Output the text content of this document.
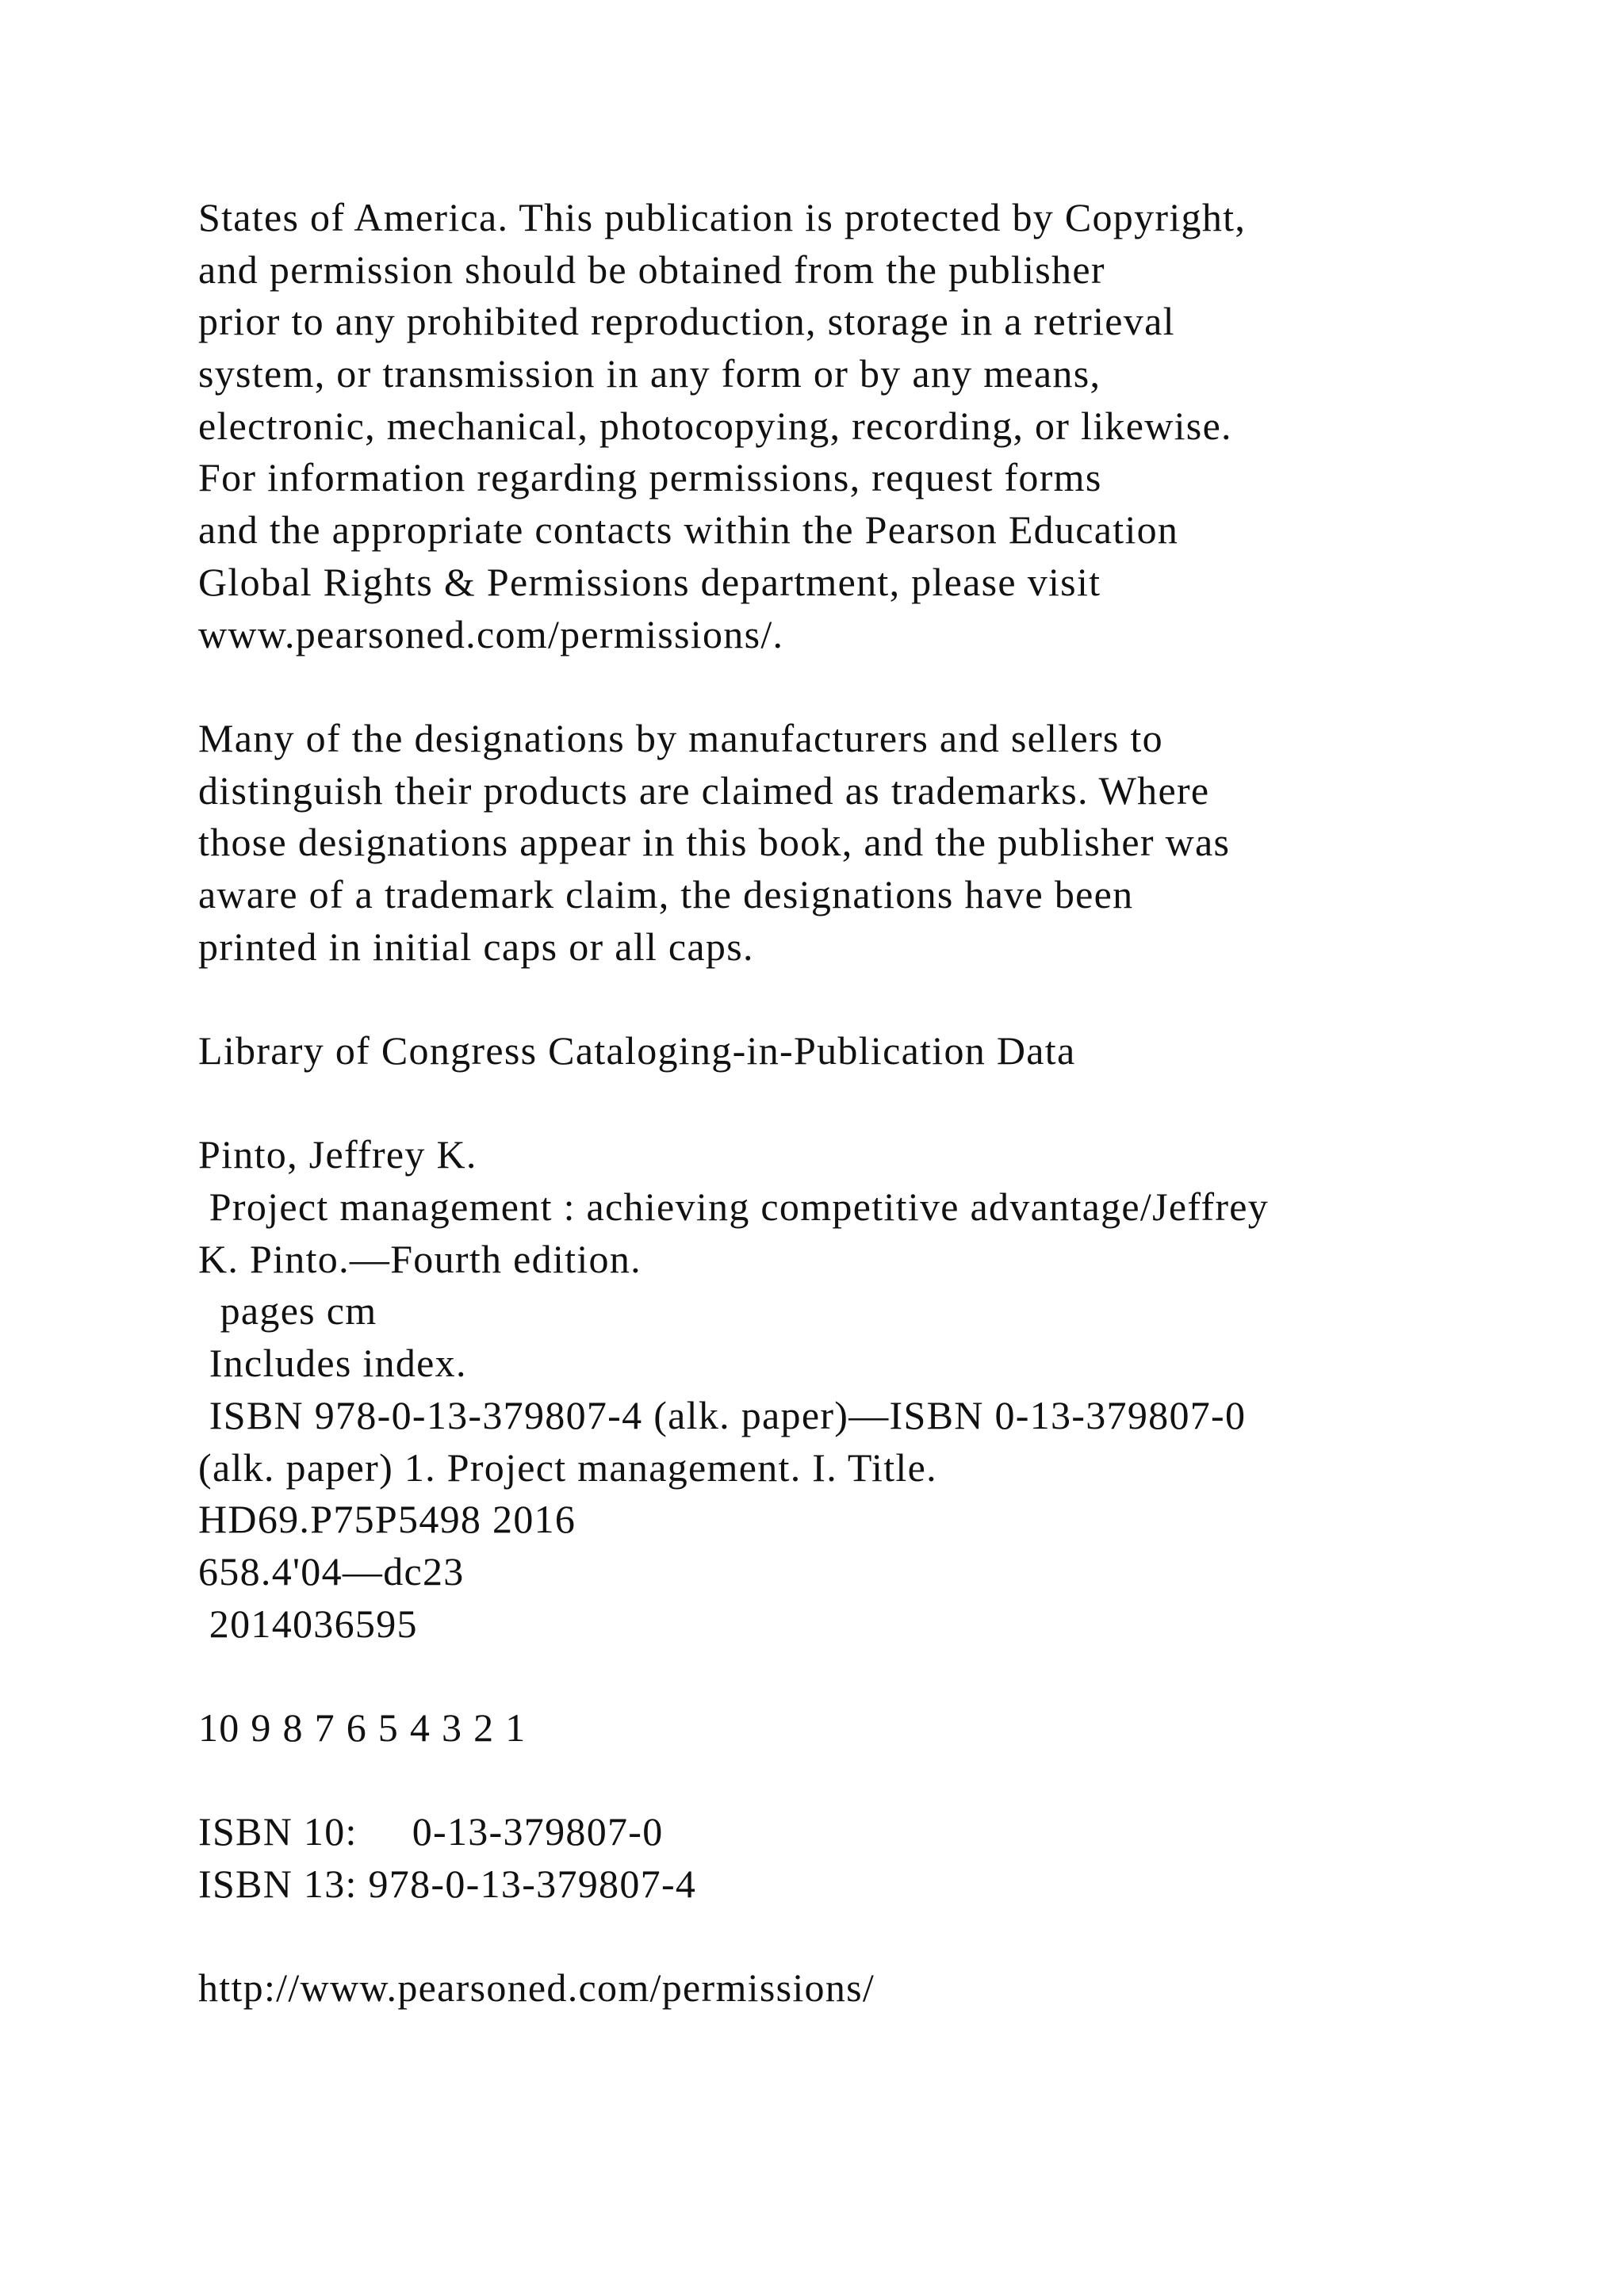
States of America. This publication is protected by Copyright,
and permission should be obtained from the publisher
prior to any prohibited reproduction, storage in a retrieval
system, or transmission in any form or by any means,
electronic, mechanical, photocopying, recording, or likewise.
For information regarding permissions, request forms
and the appropriate contacts within the Pearson Education
Global Rights & Permissions department, please visit
www.pearsoned.com/permissions/.
Many of the designations by manufacturers and sellers to
distinguish their products are claimed as trademarks. Where
those designations appear in this book, and the publisher was
aware of a trademark claim, the designations have been
printed in initial caps or all caps.
Library of Congress Cataloging-in-Publication Data
Pinto, Jeffrey K.
Project management : achieving competitive advantage/Jeffrey
K. Pinto.—Fourth edition.
pages cm
Includes index.
ISBN 978-0-13-379807-4 (alk. paper)—ISBN 0-13-379807-0
(alk. paper) 1. Project management. I. Title.
HD69.P75P5498 2016
658.4'04—dc23
2014036595
10 9 8 7 6 5 4 3 2 1
ISBN 10:     0-13-379807-0
ISBN 13: 978-0-13-379807-4
http://www.pearsoned.com/permissions/
